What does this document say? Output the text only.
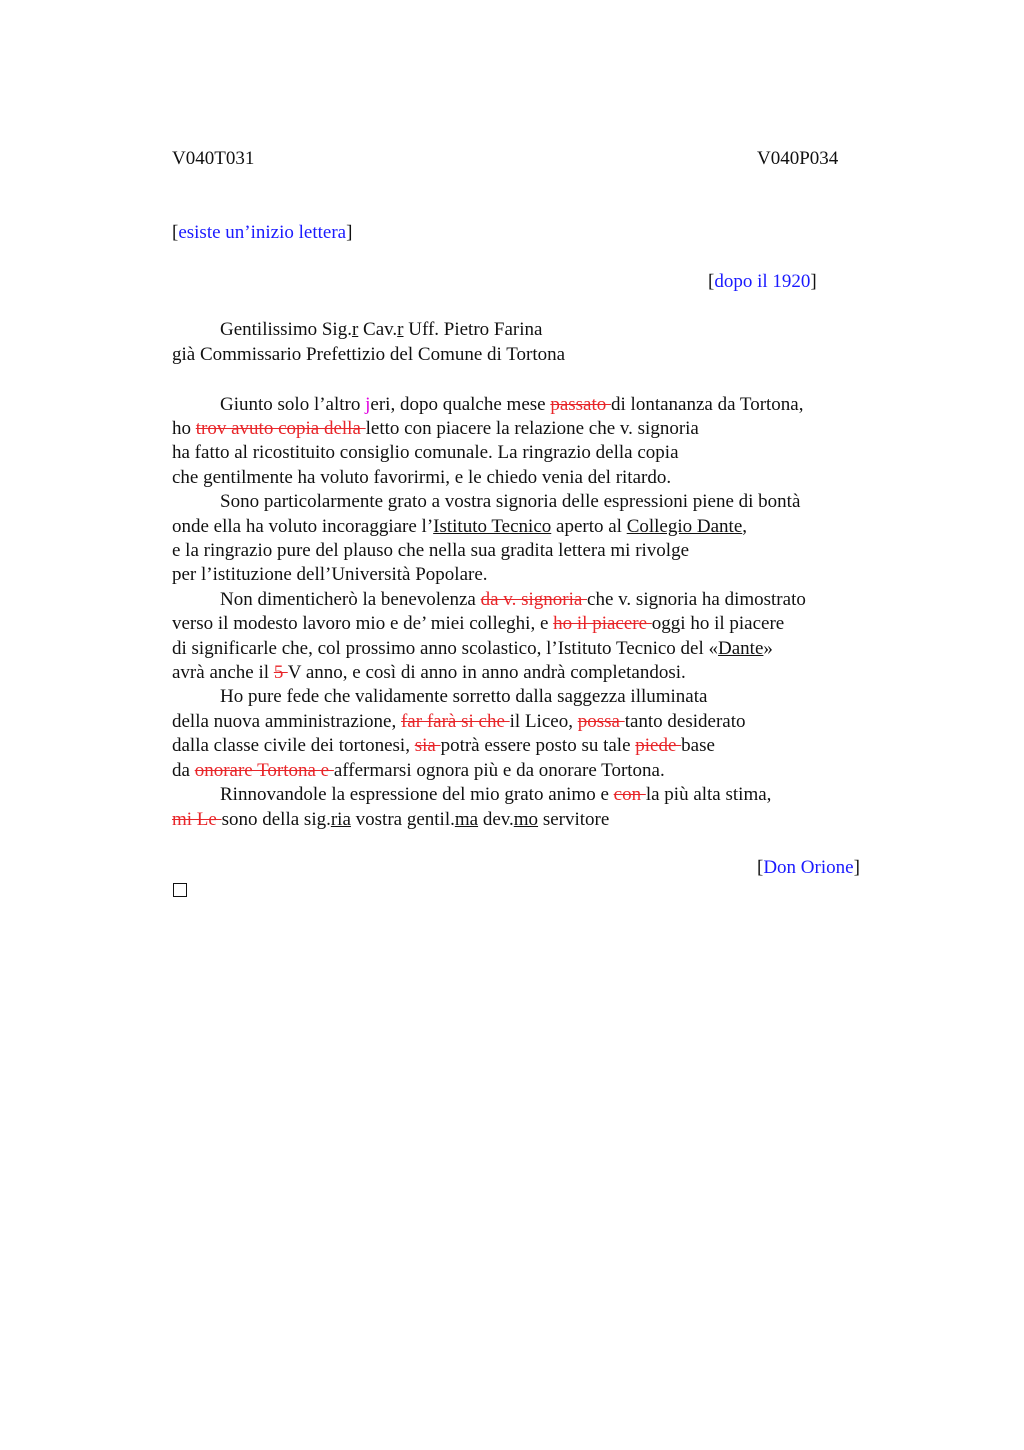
V040T031	V040P034
[esiste un’inizio lettera]
[dopo il 1920]
Gentilissimo Sig.r Cav.r Uff. Pietro Farina
già Commissario Prefettizio del Comune di Tortona
Giunto solo l’altro jeri, dopo qualche mese passato di lontananza da Tortona,
ho trov avuto copia della letto con piacere la relazione che v. signoria
ha fatto al ricostituito consiglio comunale. La ringrazio della copia
che gentilmente ha voluto favorirmi, e le chiedo venia del ritardo.
Sono particolarmente grato a vostra signoria delle espressioni piene di bontà
onde ella ha voluto incoraggiare l’Istituto Tecnico aperto al Collegio Dante,
e la ringrazio pure del plauso che nella sua gradita lettera mi rivolge
per l’istituzione dell’Università Popolare.
Non dimenticherò la benevolenza da v. signoria che v. signoria ha dimostrato
verso il modesto lavoro mio e de’ miei colleghi, e ho il piacere oggi ho il piacere
di significarle che, col prossimo anno scolastico, l’Istituto Tecnico del «Dante»
avrà anche il 5 V anno, e così di anno in anno andrà completandosi.
Ho pure fede che validamente sorretto dalla saggezza illuminata
della nuova amministrazione, far farà si che il Liceo, possa tanto desiderato
dalla classe civile dei tortonesi, sia potrà essere posto su tale piede base
da onorare Tortona e affermarsi ognora più e da onorare Tortona.
Rinnovandole la espressione del mio grato animo e con la più alta stima,
mi Le sono della sig.ria vostra gentil.ma dev.mo servitore
[Don Orione]
